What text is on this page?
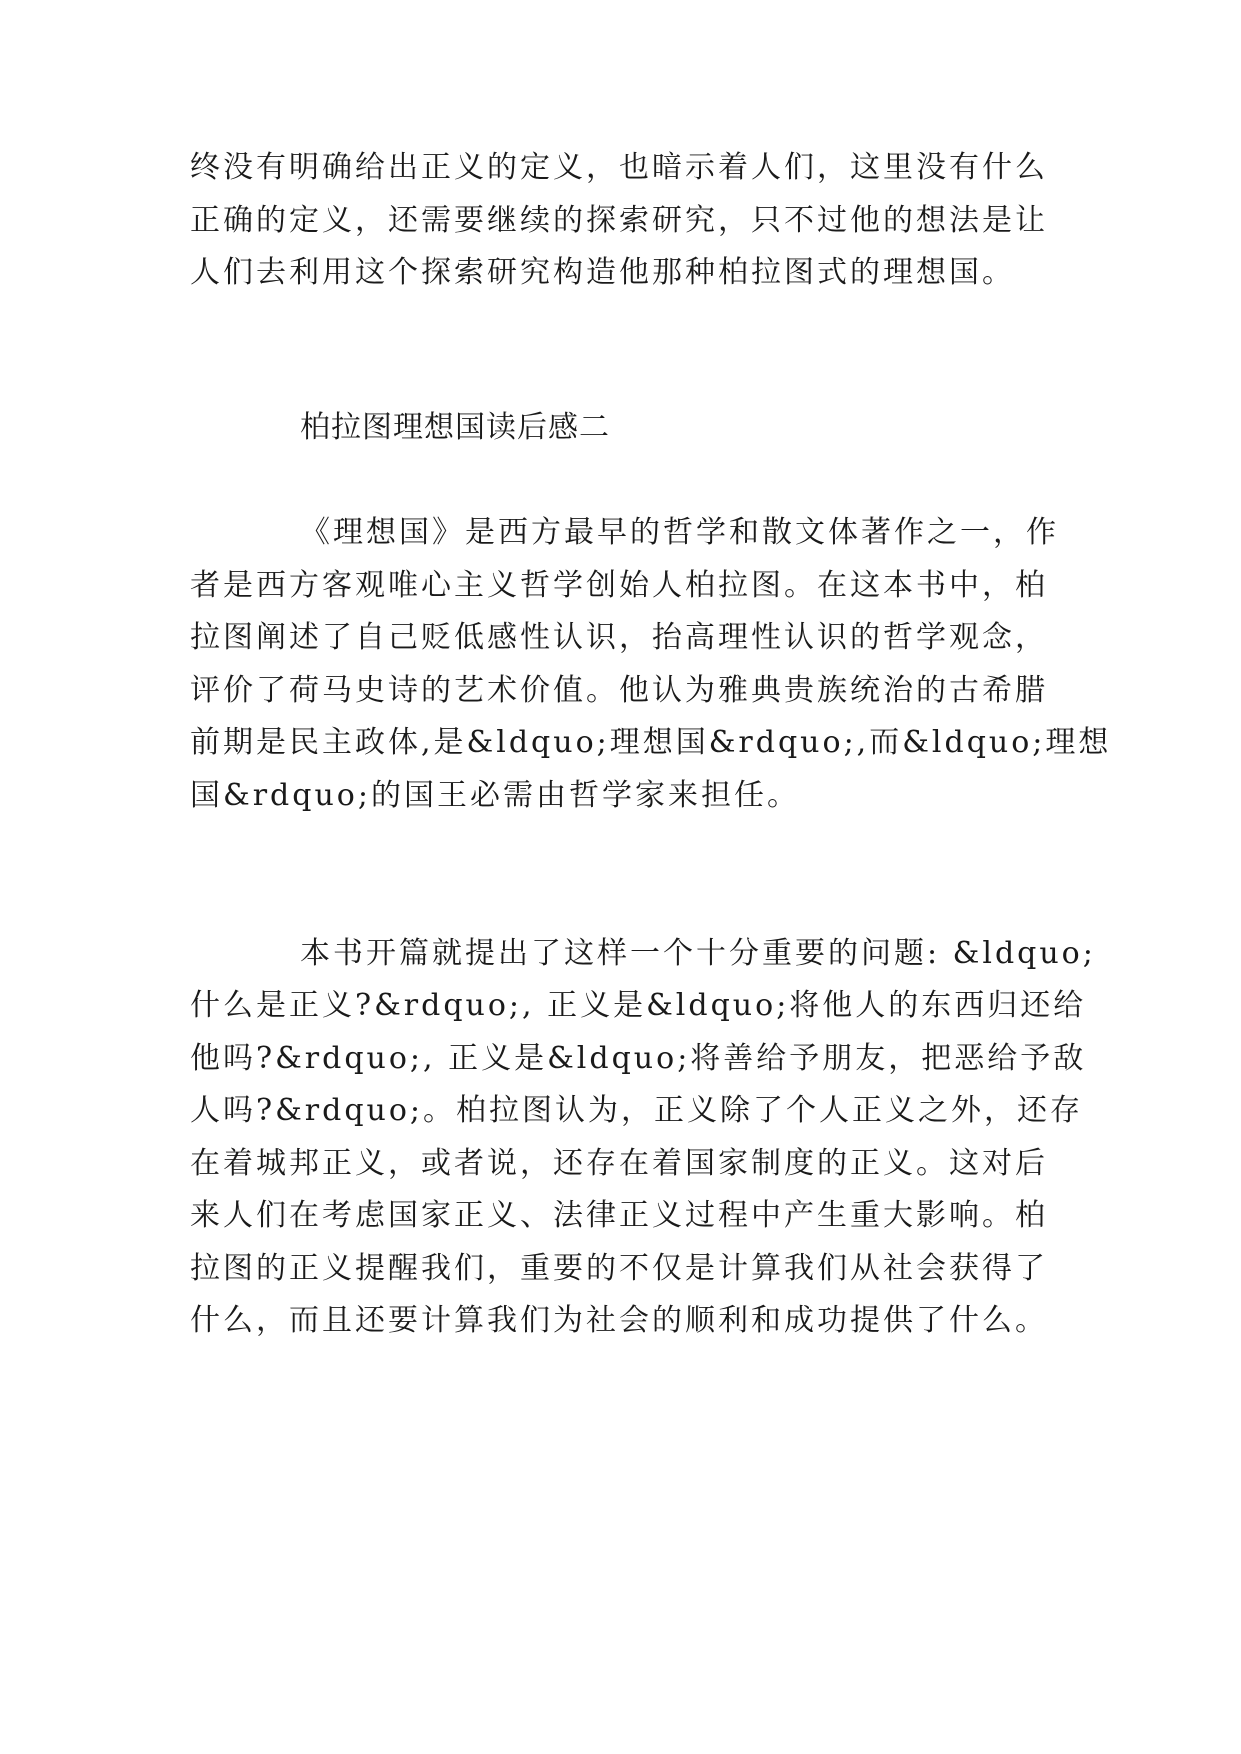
终没有明确给出正义的定义，也暗示着人们，这里没有什么
正确的定义，还需要继续的探索研究，只不过他的想法是让
人们去利用这个探索研究构造他那种柏拉图式的理想国。
柏拉图理想国读后感二
《理想国》是西方最早的哲学和散文体著作之一，作
者是西方客观唯心主义哲学创始人柏拉图。在这本书中，柏
拉图阐述了自己贬低感性认识，抬高理性认识的哲学观念，
评价了荷马史诗的艺术价值。他认为雅典贵族统治的古希腊
前期是民主政体,是&ldquo;理想国&rdquo;,而&ldquo;理想
国&rdquo;的国王必需由哲学家来担任。
本书开篇就提出了这样一个十分重要的问题: &ldquo;
什么是正义?&rdquo;, 正义是&ldquo;将他人的东西归还给
他吗?&rdquo;, 正义是&ldquo;将善给予朋友，把恶给予敌
人吗?&rdquo;。柏拉图认为，正义除了个人正义之外，还存
在着城邦正义，或者说，还存在着国家制度的正义。这对后
来人们在考虑国家正义、法律正义过程中产生重大影响。柏
拉图的正义提醒我们，重要的不仅是计算我们从社会获得了
什么，而且还要计算我们为社会的顺利和成功提供了什么。
